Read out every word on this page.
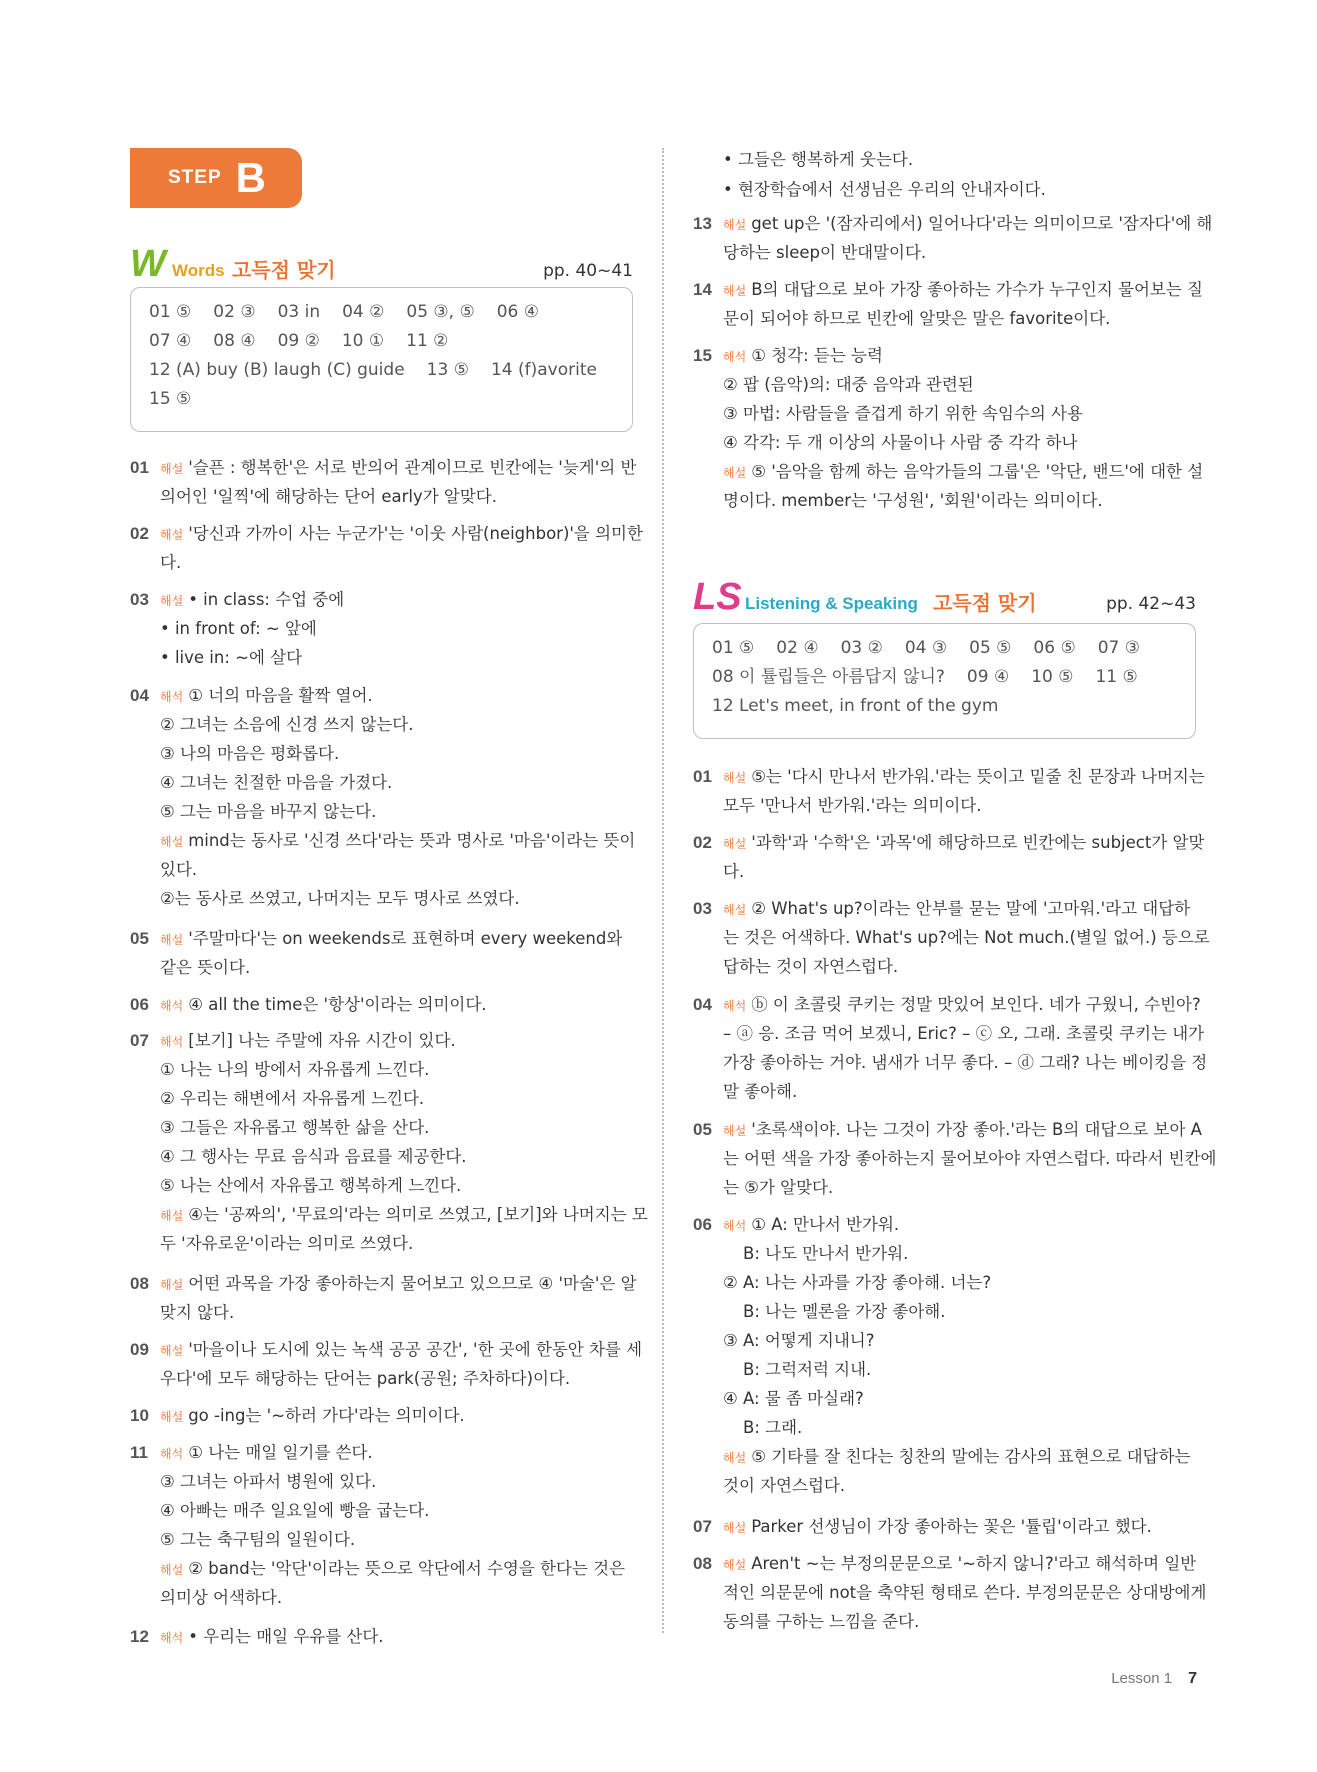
STEP B
W Words 고득점 맞기	pp. 40~41
01 ⑤ 02 ③ 03 in 04 ② 05 ③, ⑤ 06 ④
07 ④ 08 ④ 09 ② 10 ① 11 ②
12 (A) buy (B) laugh (C) guide 13 ⑤ 14 (f)avorite
15 ⑤
01 해설 '슬픈 : 행복한'은 서로 반의어 관계이므로 빈칸에는 '늦게'의 반
의어인 '일찍'에 해당하는 단어 early가 알맞다.
02 해설 '당신과 가까이 사는 누군가'는 '이웃 사람(neighbor)'을 의미한
다.
03 해설 • in class: 수업 중에
• in front of: ~ 앞에
• live in: ~에 살다
04 해석 ① 너의 마음을 활짝 열어.
② 그녀는 소음에 신경 쓰지 않는다.
③ 나의 마음은 평화롭다.
④ 그녀는 친절한 마음을 가졌다.
⑤ 그는 마음을 바꾸지 않는다.
해설 mind는 동사로 '신경 쓰다'라는 뜻과 명사로 '마음'이라는 뜻이
있다.
②는 동사로 쓰였고, 나머지는 모두 명사로 쓰였다.
05 해설 '주말마다'는 on weekends로 표현하며 every weekend와
같은 뜻이다.
06 해석 ④ all the time은 '항상'이라는 의미이다.
07 해석 [보기] 나는 주말에 자유 시간이 있다.
① 나는 나의 방에서 자유롭게 느낀다.
② 우리는 해변에서 자유롭게 느낀다.
③ 그들은 자유롭고 행복한 삶을 산다.
④ 그 행사는 무료 음식과 음료를 제공한다.
⑤ 나는 산에서 자유롭고 행복하게 느낀다.
해설 ④는 '공짜의', '무료의'라는 의미로 쓰였고, [보기]와 나머지는 모
두 '자유로운'이라는 의미로 쓰였다.
08 해설 어떤 과목을 가장 좋아하는지 물어보고 있으므로 ④ '마술'은 알
맞지 않다.
09 해설 '마을이나 도시에 있는 녹색 공공 공간', '한 곳에 한동안 차를 세
우다'에 모두 해당하는 단어는 park(공원; 주차하다)이다.
10 해설 go -ing는 '~하러 가다'라는 의미이다.
11 해석 ① 나는 매일 일기를 쓴다.
③ 그녀는 아파서 병원에 있다.
④ 아빠는 매주 일요일에 빵을 굽는다.
⑤ 그는 축구팀의 일원이다.
해설 ② band는 '악단'이라는 뜻으로 악단에서 수영을 한다는 것은
의미상 어색하다.
12 해석 • 우리는 매일 우유를 산다.
• 그들은 행복하게 웃는다.
• 현장학습에서 선생님은 우리의 안내자이다.
13 해설 get up은 '(잠자리에서) 일어나다'라는 의미이므로 '잠자다'에 해
당하는 sleep이 반대말이다.
14 해설 B의 대답으로 보아 가장 좋아하는 가수가 누구인지 물어보는 질
문이 되어야 하므로 빈칸에 알맞은 말은 favorite이다.
15 해석 ① 청각: 듣는 능력
② 팝 (음악)의: 대중 음악과 관련된
③ 마법: 사람들을 즐겁게 하기 위한 속임수의 사용
④ 각각: 두 개 이상의 사물이나 사람 중 각각 하나
해설 ⑤ '음악을 함께 하는 음악가들의 그룹'은 '악단, 밴드'에 대한 설
명이다. member는 '구성원', '회원'이라는 의미이다.
LS Listening & Speaking 고득점 맞기	pp. 42~43
01 ⑤ 02 ④ 03 ② 04 ③ 05 ⑤ 06 ⑤ 07 ③
08 이 튤립들은 아름답지 않니? 09 ④ 10 ⑤ 11 ⑤
12 Let's meet, in front of the gym
01 해설 ⑤는 '다시 만나서 반가워.'라는 뜻이고 밑줄 친 문장과 나머지는
모두 '만나서 반가워.'라는 의미이다.
02 해설 '과학'과 '수학'은 '과목'에 해당하므로 빈칸에는 subject가 알맞
다.
03 해설 ② What's up?이라는 안부를 묻는 말에 '고마워.'라고 대답하
는 것은 어색하다. What's up?에는 Not much.(별일 없어.) 등으로
답하는 것이 자연스럽다.
04 해석 ⓑ 이 초콜릿 쿠키는 정말 맛있어 보인다. 네가 구웠니, 수빈아?
– ⓐ 응. 조금 먹어 보겠니, Eric? – ⓒ 오, 그래. 초콜릿 쿠키는 내가
가장 좋아하는 거야. 냄새가 너무 좋다. – ⓓ 그래? 나는 베이킹을 정
말 좋아해.
05 해설 '초록색이야. 나는 그것이 가장 좋아.'라는 B의 대답으로 보아 A
는 어떤 색을 가장 좋아하는지 물어보아야 자연스럽다. 따라서 빈칸에
는 ⑤가 알맞다.
06 해석 ① A: 만나서 반가워.
B: 나도 만나서 반가워.
② A: 나는 사과를 가장 좋아해. 너는?
B: 나는 멜론을 가장 좋아해.
③ A: 어떻게 지내니?
B: 그럭저럭 지내.
④ A: 물 좀 마실래?
B: 그래.
해설 ⑤ 기타를 잘 친다는 칭찬의 말에는 감사의 표현으로 대답하는
것이 자연스럽다.
07 해설 Parker 선생님이 가장 좋아하는 꽃은 '튤립'이라고 했다.
08 해설 Aren't ~는 부정의문문으로 '~하지 않니?'라고 해석하며 일반
적인 의문문에 not을 축약된 형태로 쓴다. 부정의문문은 상대방에게
동의를 구하는 느낌을 준다.
Lesson 1 7
